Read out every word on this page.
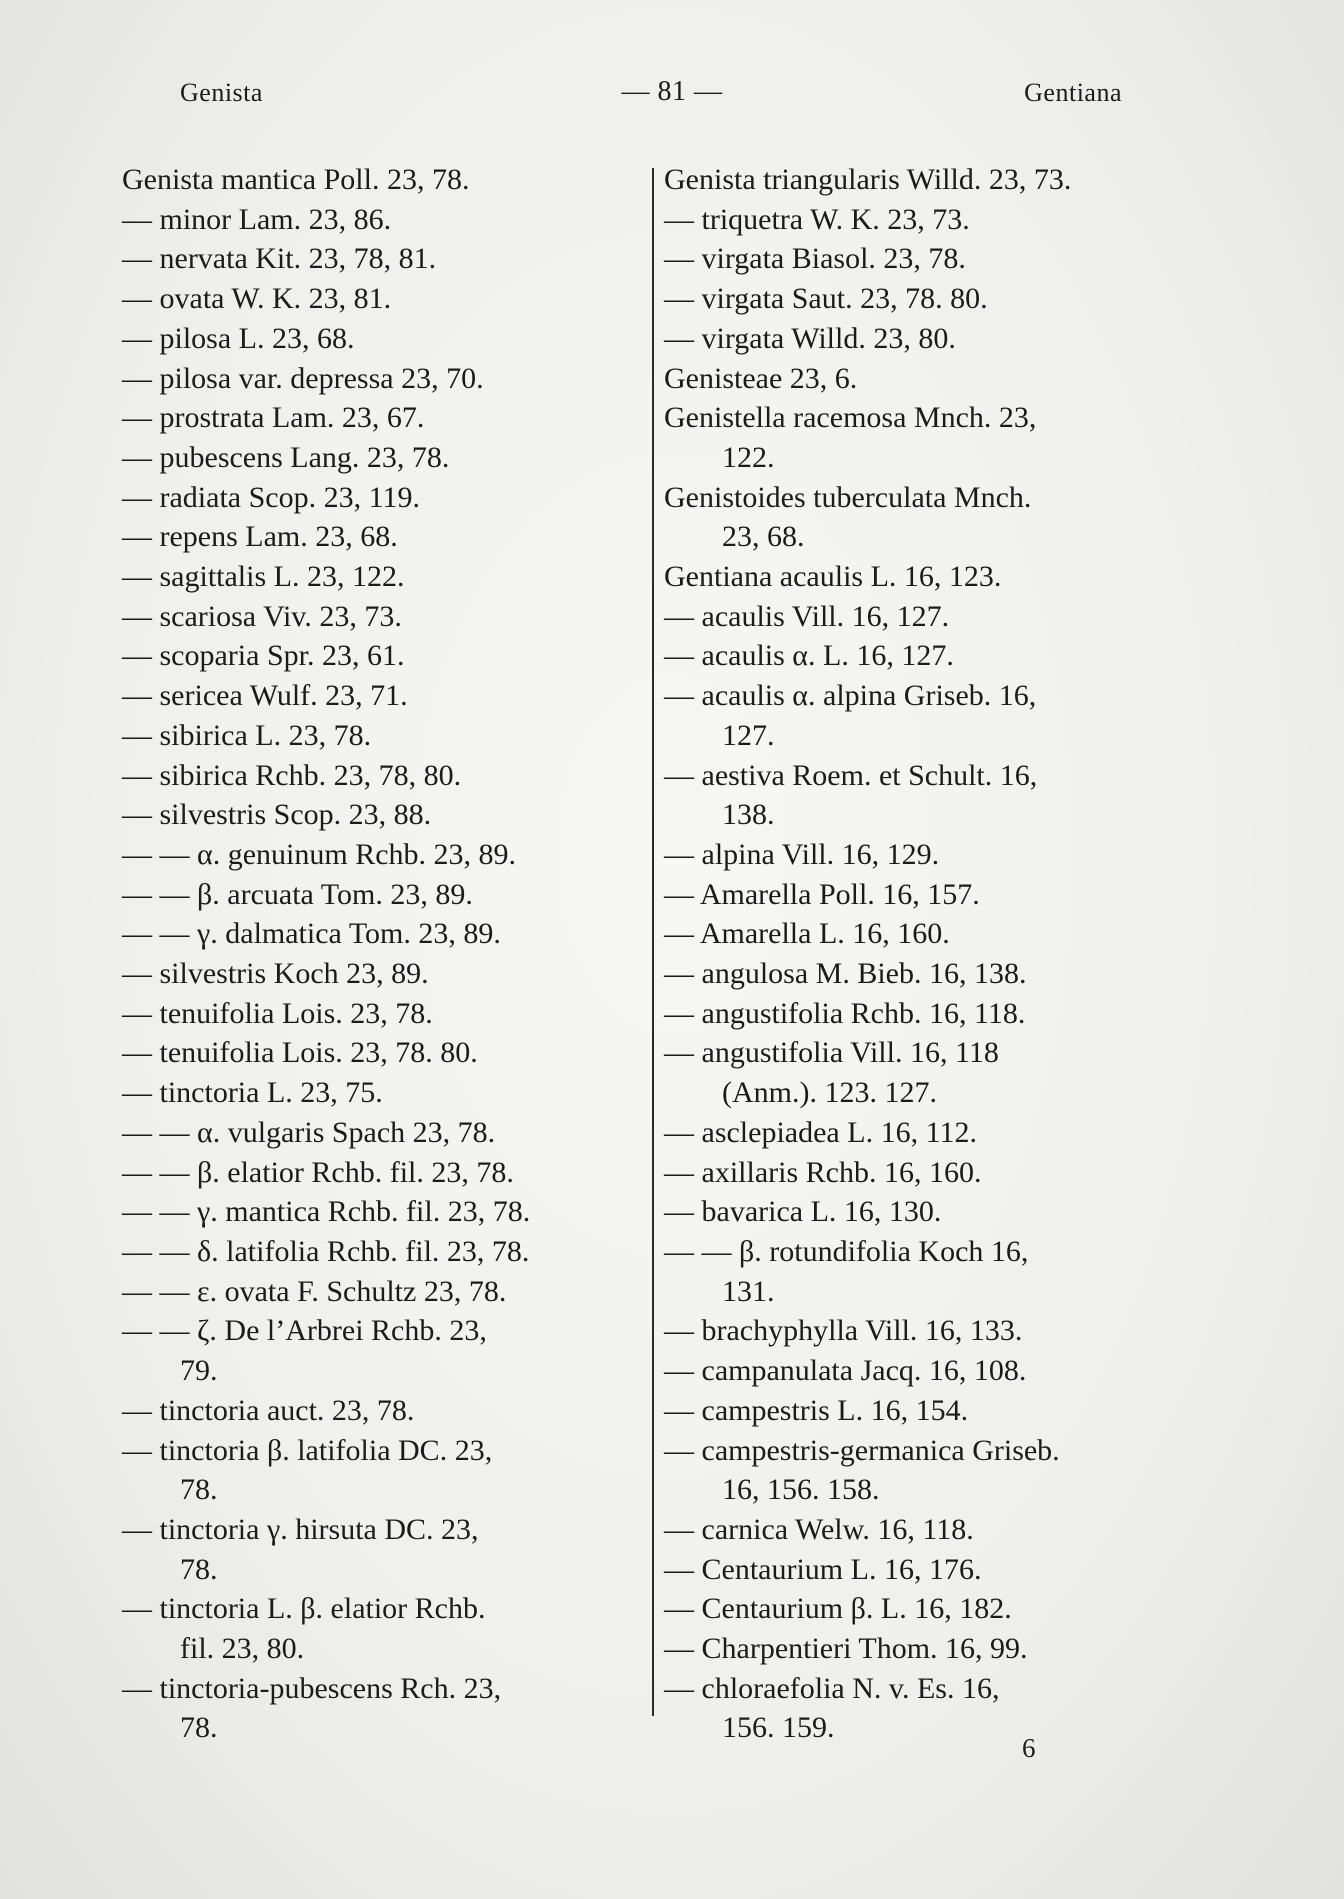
Genista	— 81 —	Gentiana
Genista mantica Poll. 23, 78.
— minor Lam. 23, 86.
— nervata Kit. 23, 78, 81.
— ovata W. K. 23, 81.
— pilosa L. 23, 68.
— pilosa var. depressa 23, 70.
— prostrata Lam. 23, 67.
— pubescens Lang. 23, 78.
— radiata Scop. 23, 119.
— repens Lam. 23, 68.
— sagittalis L. 23, 122.
— scariosa Viv. 23, 73.
— scoparia Spr. 23, 61.
— sericea Wulf. 23, 71.
— sibirica L. 23, 78.
— sibirica Rchb. 23, 78, 80.
— silvestris Scop. 23, 88.
— — α. genuinum Rchb. 23, 89.
— — β. arcuata Tom. 23, 89.
— — γ. dalmatica Tom. 23, 89.
— silvestris Koch 23, 89.
— tenuifolia Lois. 23, 78.
— tenuifolia Lois. 23, 78. 80.
— tinctoria L. 23, 75.
— — α. vulgaris Spach 23, 78.
— — β. elatior Rchb. fil. 23, 78.
— — γ. mantica Rchb. fil. 23, 78.
— — δ. latifolia Rchb. fil. 23, 78.
— — ε. ovata F. Schultz 23, 78.
— — ζ. De l’Arbrei Rchb. 23,
79.
— tinctoria auct. 23, 78.
— tinctoria β. latifolia DC. 23,
78.
— tinctoria γ. hirsuta DC. 23,
78.
— tinctoria L. β. elatior Rchb.
fil. 23, 80.
— tinctoria-pubescens Rch. 23,
78.
Genista triangularis Willd. 23, 73.
— triquetra W. K. 23, 73.
— virgata Biasol. 23, 78.
— virgata Saut. 23, 78. 80.
— virgata Willd. 23, 80.
Genisteae 23, 6.
Genistella racemosa Mnch. 23,
122.
Genistoides tuberculata Mnch.
23, 68.
Gentiana acaulis L. 16, 123.
— acaulis Vill. 16, 127.
— acaulis α. L. 16, 127.
— acaulis α. alpina Griseb. 16,
127.
— aestiva Roem. et Schult. 16,
138.
— alpina Vill. 16, 129.
— Amarella Poll. 16, 157.
— Amarella L. 16, 160.
— angulosa M. Bieb. 16, 138.
— angustifolia Rchb. 16, 118.
— angustifolia Vill. 16, 118
(Anm.). 123. 127.
— asclepiadea L. 16, 112.
— axillaris Rchb. 16, 160.
— bavarica L. 16, 130.
— — β. rotundifolia Koch 16,
131.
— brachyphylla Vill. 16, 133.
— campanulata Jacq. 16, 108.
— campestris L. 16, 154.
— campestris-germanica Griseb.
16, 156. 158.
— carnica Welw. 16, 118.
— Centaurium L. 16, 176.
— Centaurium β. L. 16, 182.
— Charpentieri Thom. 16, 99.
— chloraefolia N. v. Es. 16,
156. 159.
6
